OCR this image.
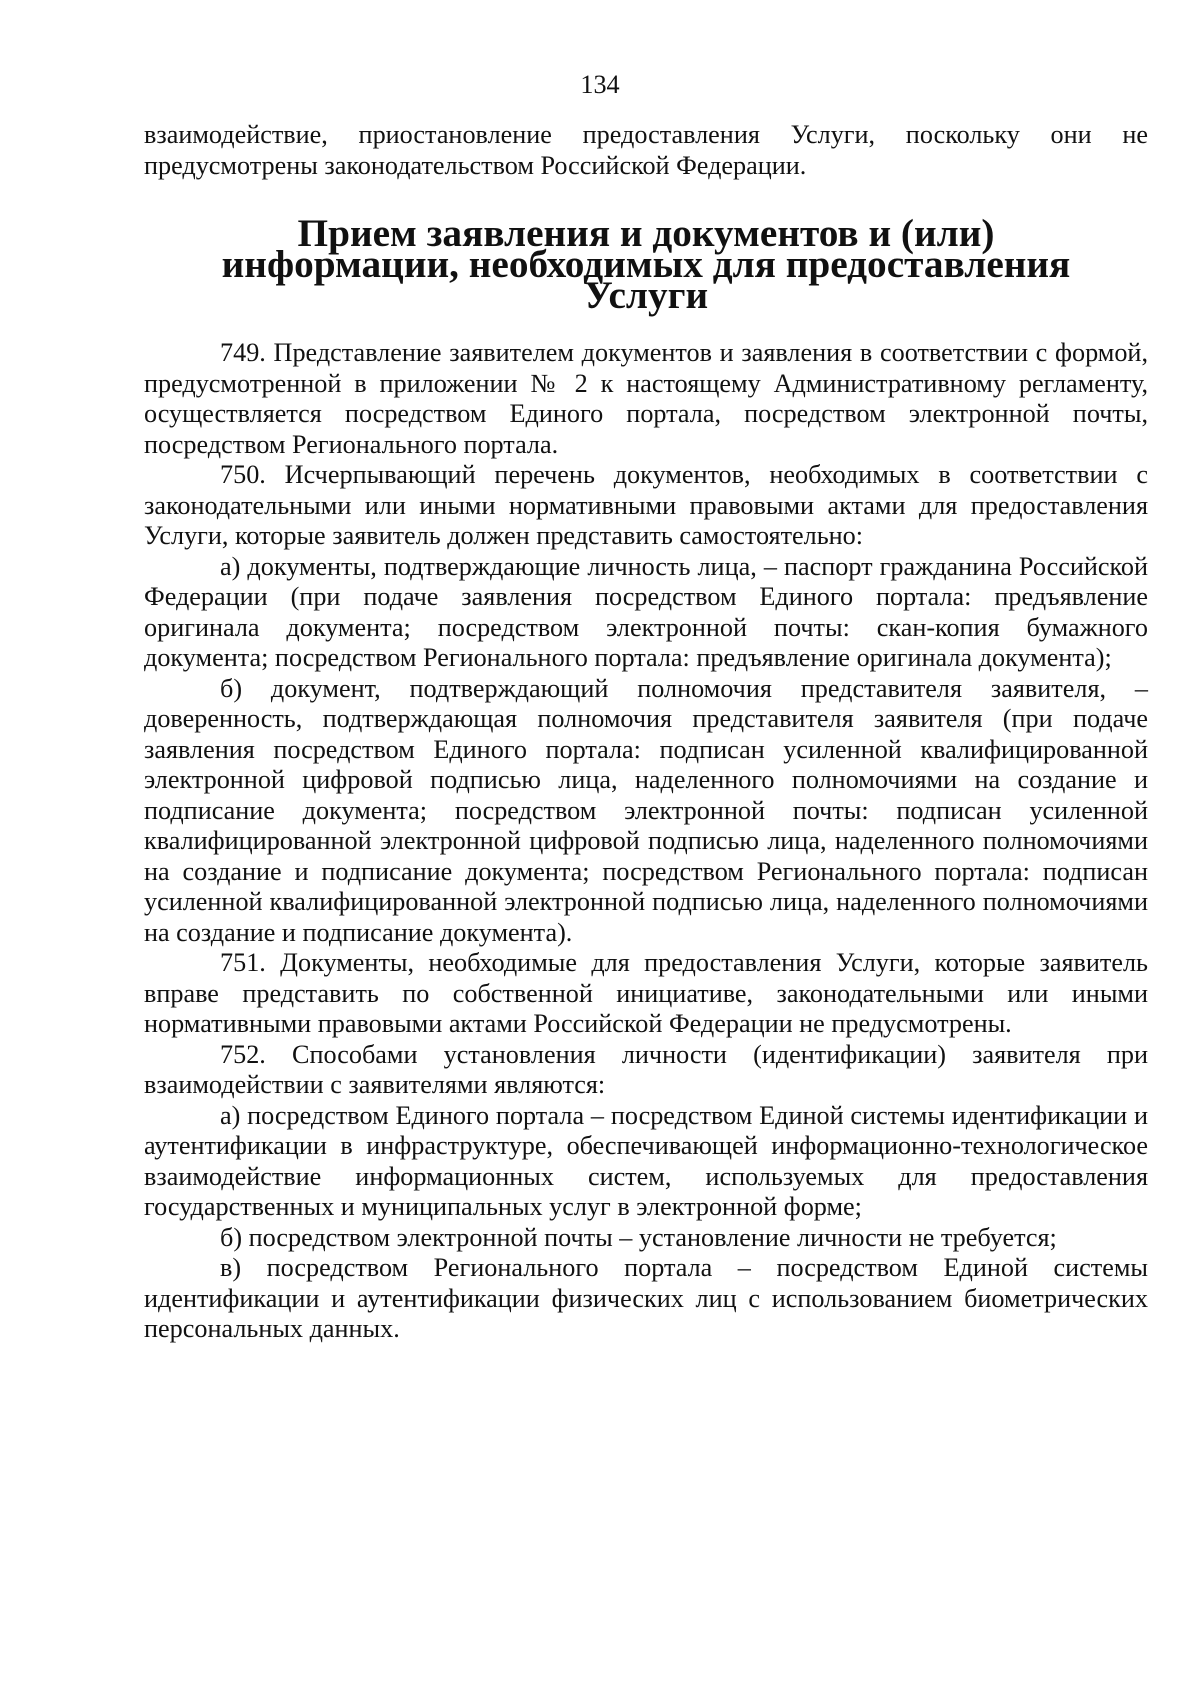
134

взаимодействие, приостановление предоставления Услуги, поскольку они не предусмотрены законодательством Российской Федерации.

Прием заявления и документов и (или) информации, необходимых для предоставления Услуги

749. Представление заявителем документов и заявления в соответствии с формой, предусмотренной в приложении № 2 к настоящему Административному регламенту, осуществляется посредством Единого портала, посредством электронной почты, посредством Регионального портала.

750. Исчерпывающий перечень документов, необходимых в соответствии с законодательными или иными нормативными правовыми актами для предоставления Услуги, которые заявитель должен представить самостоятельно:

а) документы, подтверждающие личность лица, – паспорт гражданина Российской Федерации (при подаче заявления посредством Единого портала: предъявление оригинала документа; посредством электронной почты: скан-копия бумажного документа; посредством Регионального портала: предъявление оригинала документа);

б) документ, подтверждающий полномочия представителя заявителя, – доверенность, подтверждающая полномочия представителя заявителя (при подаче заявления посредством Единого портала: подписан усиленной квалифицированной электронной цифровой подписью лица, наделенного полномочиями на создание и подписание документа; посредством электронной почты: подписан усиленной квалифицированной электронной цифровой подписью лица, наделенного полномочиями на создание и подписание документа; посредством Регионального портала: подписан усиленной квалифицированной электронной подписью лица, наделенного полномочиями на создание и подписание документа).

751. Документы, необходимые для предоставления Услуги, которые заявитель вправе представить по собственной инициативе, законодательными или иными нормативными правовыми актами Российской Федерации не предусмотрены.

752. Способами установления личности (идентификации) заявителя при взаимодействии с заявителями являются:

а) посредством Единого портала – посредством Единой системы идентификации и аутентификации в инфраструктуре, обеспечивающей информационно-технологическое взаимодействие информационных систем, используемых для предоставления государственных и муниципальных услуг в электронной форме;

б) посредством электронной почты – установление личности не требуется;

в) посредством Регионального портала – посредством Единой системы идентификации и аутентификации физических лиц с использованием биометрических персональных данных.
